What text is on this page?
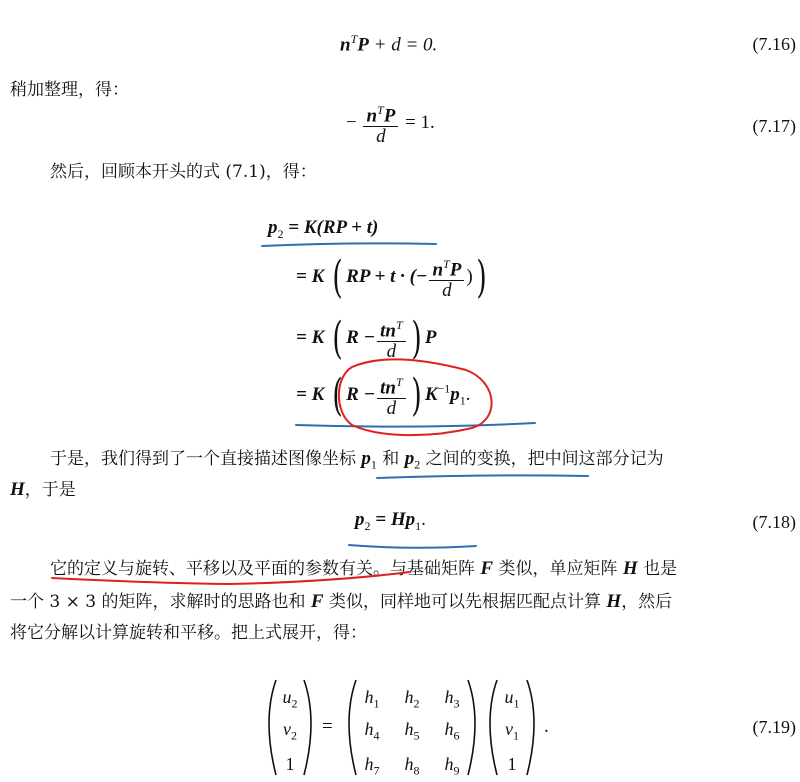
$n^TP + d = 0$.	(7.16)
稍加整理，得：
− $\frac{n^TP}{d} = 1$.	(7.17)
然后，回顾本开头的式 (7.1)，得：
$p_2 = K(RP + t)$
= K ( RP + t · (− $\frac{n^TP}{d}$ ))
= K ( $R - \frac{tn^T}{d}$ ) P
= K ( $R - \frac{tn^T}{d}$ ) $K^{-1}p_1$.
于是，我们得到了一个直接描述图像坐标 $p_1$ 和 $p_2$ 之间的变换，把中间这部分记为
H，于是
$p_2 = Hp_1$.	(7.18)
它的定义与旋转、平移以及平面的参数有关。与基础矩阵 F 类似，单应矩阵 H 也是
一个 3 × 3 的矩阵，求解时的思路也和 F 类似，同样地可以先根据匹配点计算 H，然后
将它分解以计算旋转和平移。把上式展开，得：
$u_2$
$v_2$
1
$h_1$	$h_2$	$h_3$
$h_4$	$h_5$	$h_6$
$h_7$	$h_8$	$h_9$
$u_1$
$v_1$
1
=	.	(7.19)
